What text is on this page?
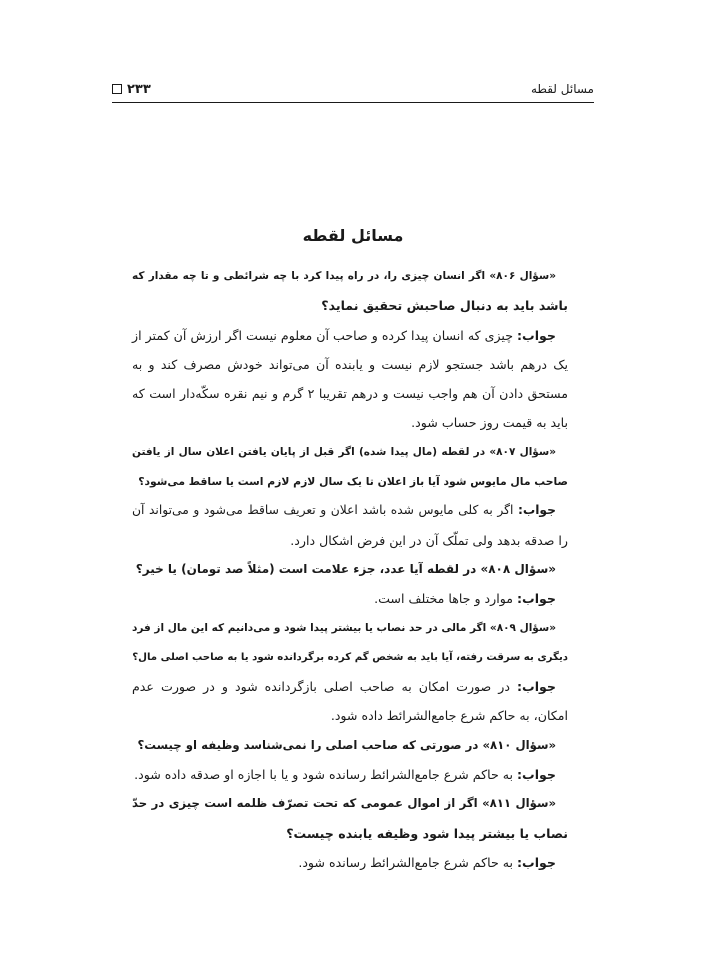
مسائل لقطه
۲۳۳
مسائل لقطه
«سؤال ۸۰۶» اگر انسان چیزی را، در راه پیدا کرد با چه شرائطی و تا چه مقدار که
باشد باید به دنبال صاحبش تحقیق نماید؟
جواب: چیزی که انسان پیدا کرده و صاحب آن معلوم نیست اگر ارزش آن کمتر از
یک درهم باشد جستجو لازم نیست و یابنده آن می‌تواند خودش مصرف کند و به
مستحق دادن آن هم واجب نیست و درهم تقریبا ۲ گرم و نیم نقره سکّه‌دار است که
باید به قیمت روز حساب شود.
«سؤال ۸۰۷» در لقطه (مال پیدا شده) اگر قبل از پایان یافتن اعلان سال از یافتن
صاحب مال مایوس شود آیا باز اعلان تا یک سال لازم لازم است یا ساقط می‌شود؟
جواب: اگر به کلی مایوس شده باشد اعلان و تعریف ساقط می‌شود و می‌تواند آن
را صدقه بدهد ولی تملّک آن در این فرض اشکال دارد.
«سؤال ۸۰۸» در لقطه آیا عدد، جزء علامت است (مثلاً صد تومان) یا خیر؟
جواب: موارد و جاها مختلف است.
«سؤال ۸۰۹» اگر مالی در حد نصاب یا بیشتر پیدا شود و می‌دانیم که این مال از فرد
دیگری به سرقت رفته، آیا باید به شخص گم کرده برگردانده شود یا به صاحب اصلی مال؟
جواب: در صورت امکان به صاحب اصلی بازگردانده شود و در صورت عدم
امکان، به حاکم شرع جامع‌الشرائط داده شود.
«سؤال ۸۱۰» در صورتی که صاحب اصلی را نمی‌شناسد وظیفه او چیست؟
جواب: به حاکم شرع جامع‌الشرائط رسانده شود و یا با اجازه او صدقه داده شود.
«سؤال ۸۱۱» اگر از اموال عمومی که تحت تصرّف ظلمه است چیزی در حدّ
نصاب یا بیشتر پیدا شود وظیفه یابنده چیست؟
جواب: به حاکم شرع جامع‌الشرائط رسانده شود.
